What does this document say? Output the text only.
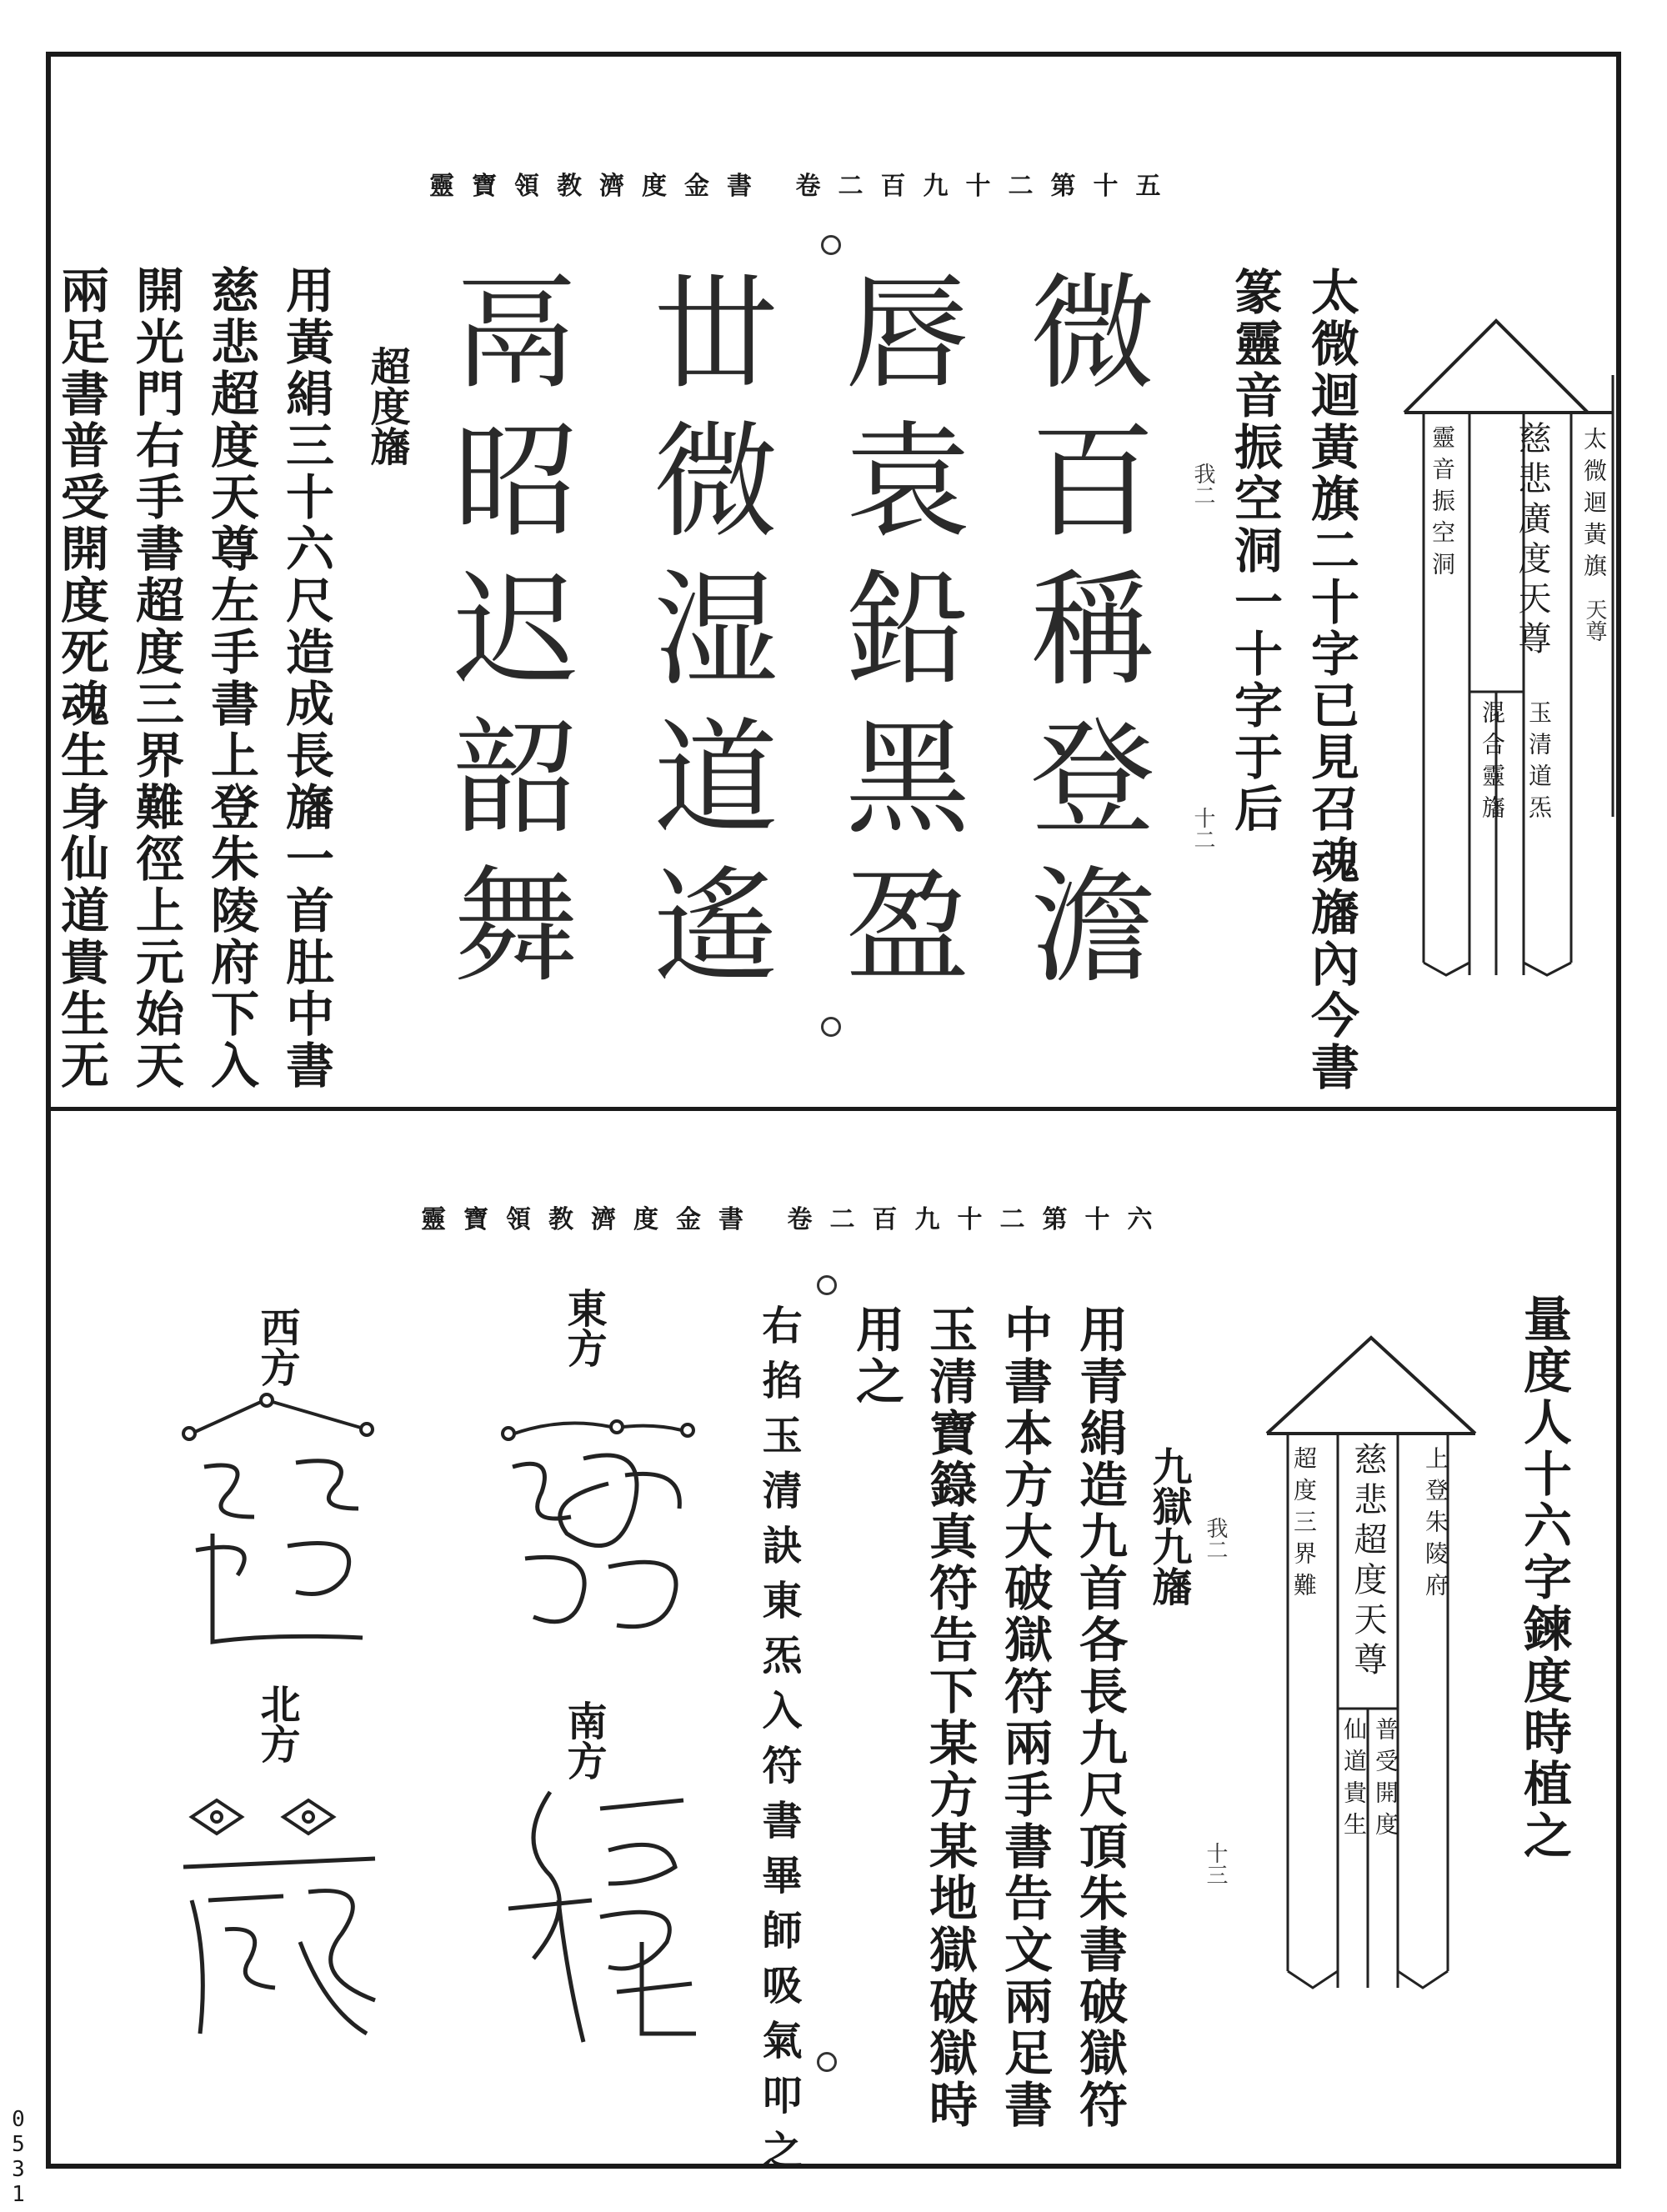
靈寶領教濟度金書 卷二百九十二第十五
太微迴黃旗
天尊
慈悲廣度天尊
玉清道炁
混合靈旛
靈音振空洞
太微迴黃旗二十字已見召魂旛內今書
篆靈音振空洞一十字于后
我二
十二
微百稱登澹
唇袁鉛黑盈
丗微湿道遙
鬲昭迟韶舞
超度旛
用黃絹三十六尺造成長旛一首肚中書
慈悲超度天尊左手書上登朱陵府下入
開光門右手書超度三界難徑上元始天
兩足書普受開度死魂生身仙道貴生无
靈寶領教濟度金書 卷二百九十二第十六
量度人十六字鍊度時植之
上登朱陵府
慈悲超度天尊
普受開度
仙道貴生
超度三界難
我二
十三
九獄九旛
用青絹造九首各長九尺頂朱書破獄符
中書本方大破獄符兩手書告文兩足書
玉清寶籙真符告下某方某地獄破獄時
用之
右掐玉清訣東炁入符書畢師吸氣叩之
東方
南方
西方
北方
0531
